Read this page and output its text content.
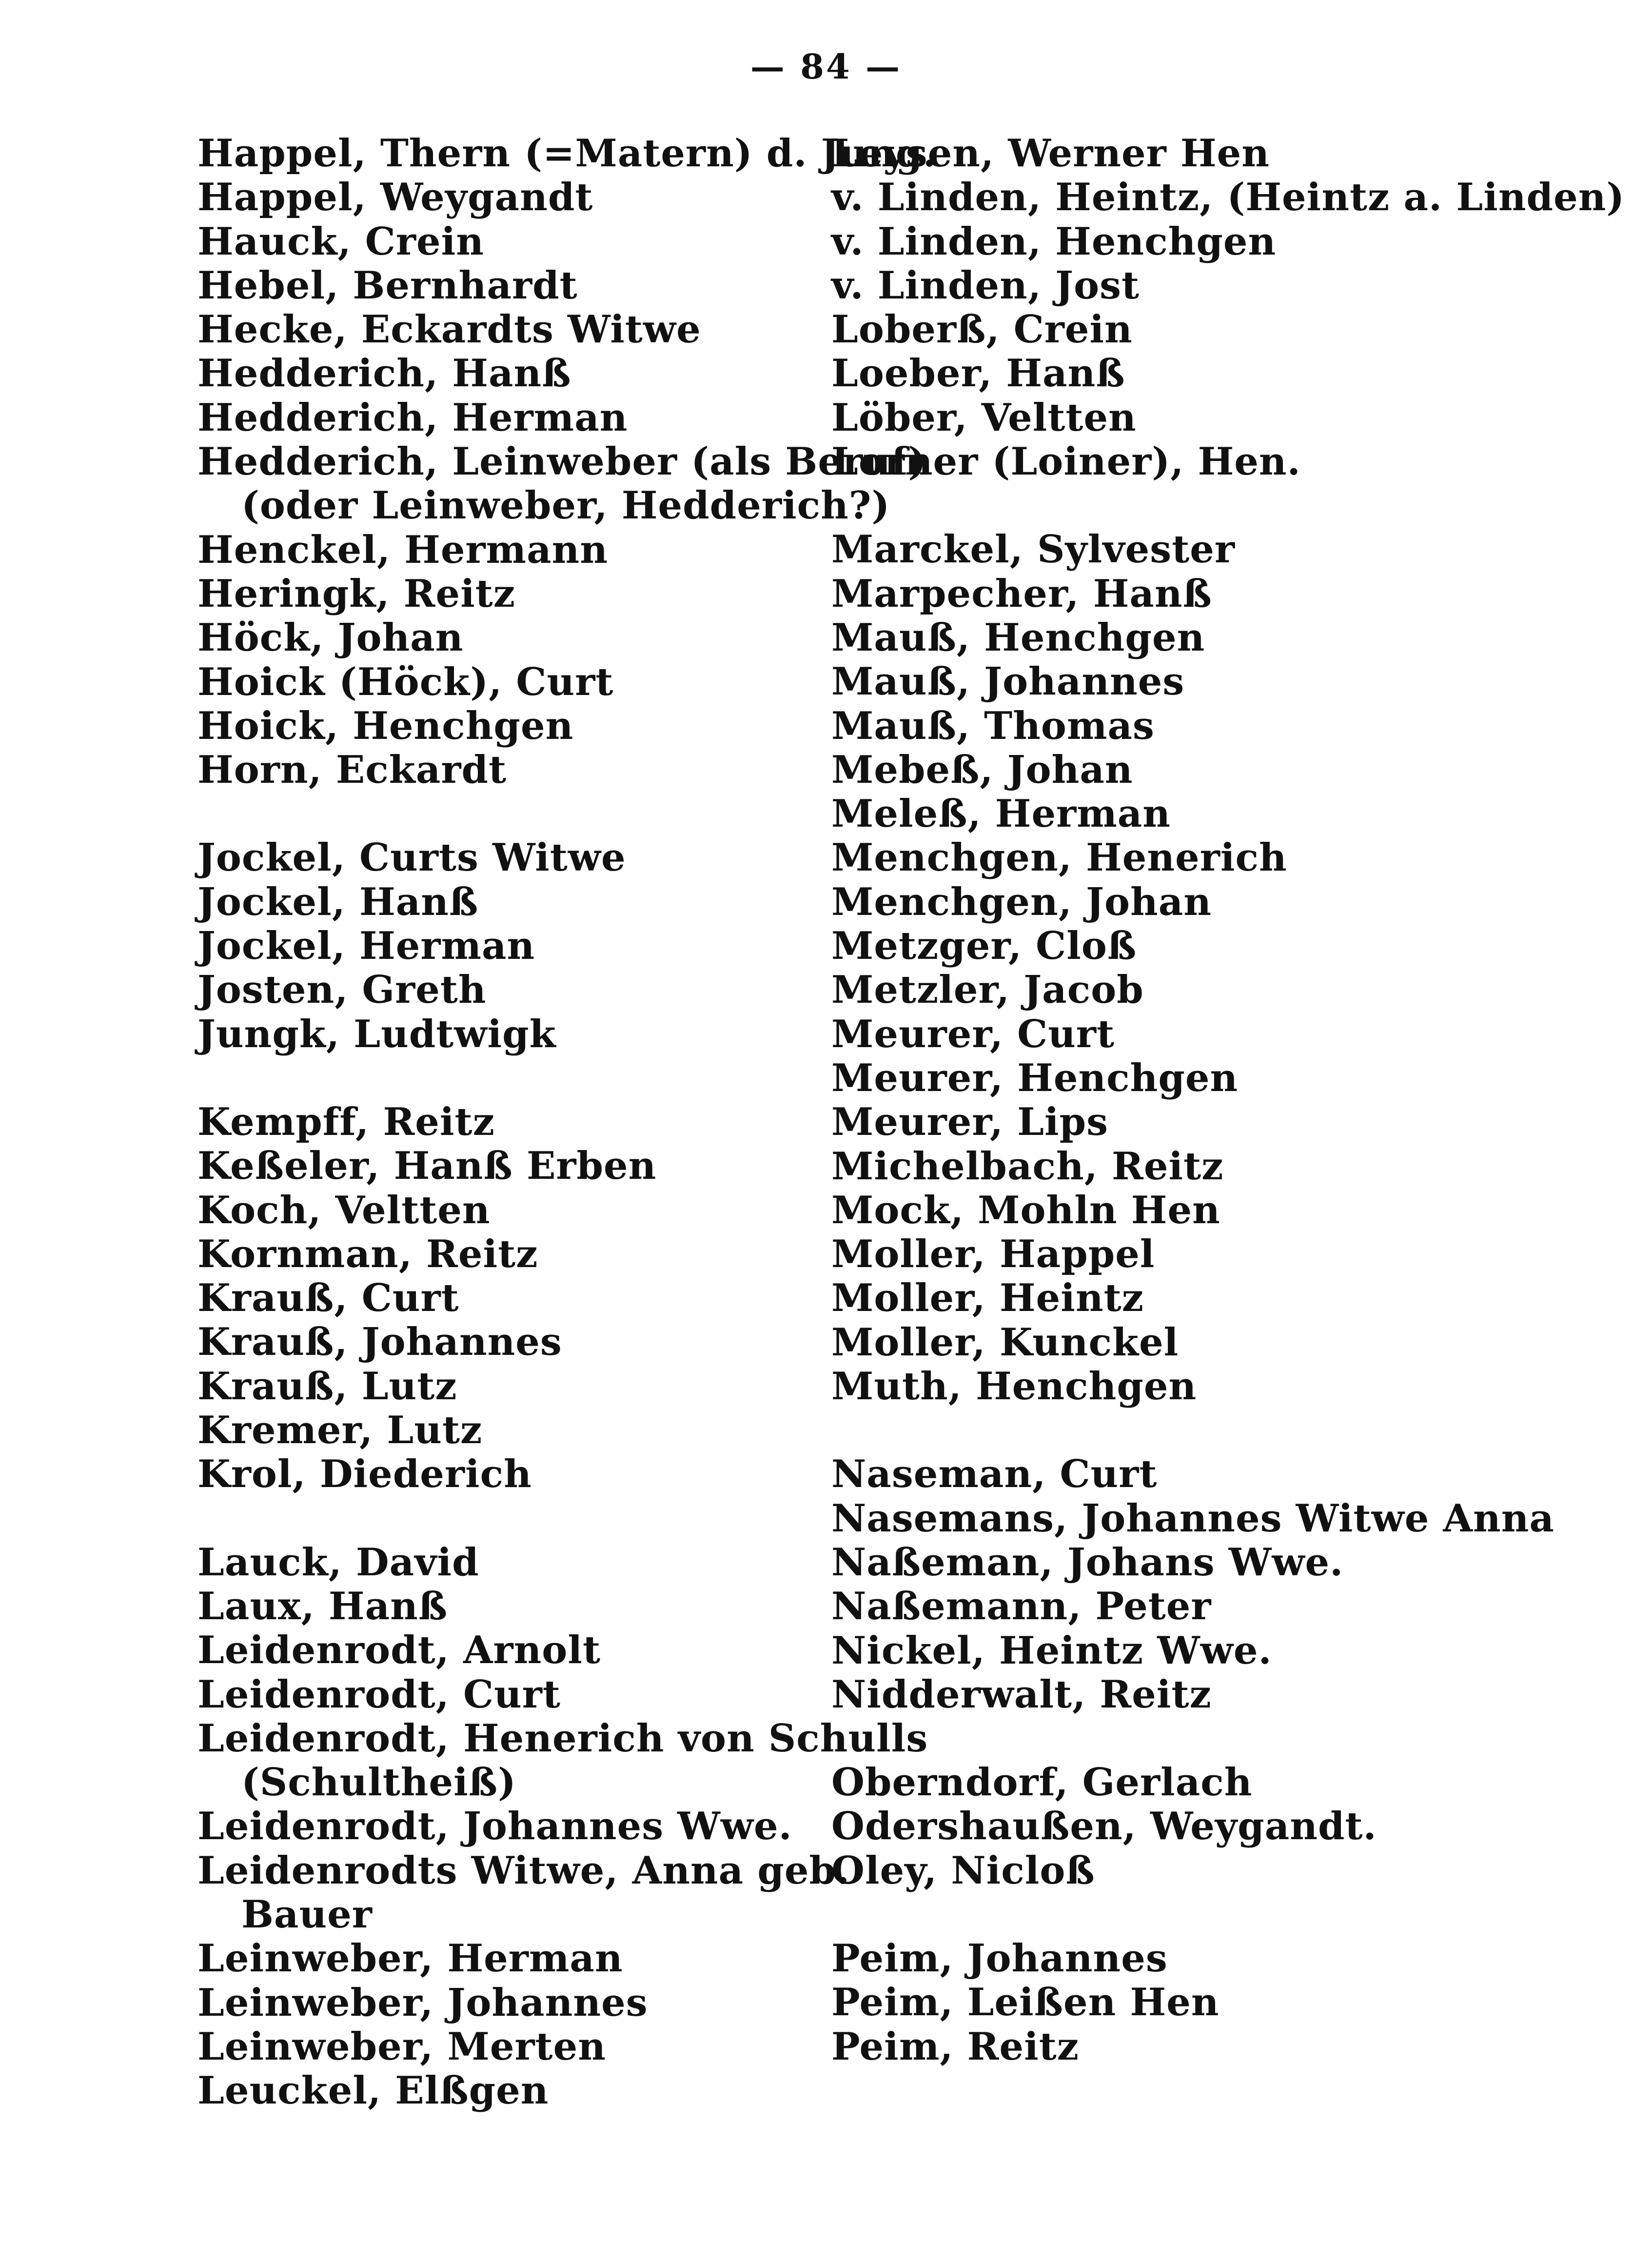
— 84 —
Happel, Thern (=Matern) d. Jung.
Happel, Weygandt
Hauck, Crein
Hebel, Bernhardt
Hecke, Eckardts Witwe
Hedderich, Hanß
Hedderich, Herman
Hedderich, Leinweber (als Beruf)
(oder Leinweber, Hedderich?)
Henckel, Hermann
Heringk, Reitz
Höck, Johan
Hoick (Höck), Curt
Hoick, Henchgen
Horn, Eckardt
Jockel, Curts Witwe
Jockel, Hanß
Jockel, Herman
Josten, Greth
Jungk, Ludtwigk
Kempff, Reitz
Keßeler, Hanß Erben
Koch, Veltten
Kornman, Reitz
Krauß, Curt
Krauß, Johannes
Krauß, Lutz
Kremer, Lutz
Krol, Diederich
Lauck, David
Laux, Hanß
Leidenrodt, Arnolt
Leidenrodt, Curt
Leidenrodt, Henerich von Schulls
(Schultheiß)
Leidenrodt, Johannes Wwe.
Leidenrodts Witwe, Anna geb.
Bauer
Leinweber, Herman
Leinweber, Johannes
Leinweber, Merten
Leuckel, Elßgen
Leysen, Werner Hen
v. Linden, Heintz, (Heintz a. Linden)
v. Linden, Henchgen
v. Linden, Jost
Loberß, Crein
Loeber, Hanß
Löber, Veltten
Lorner (Loiner), Hen.
Marckel, Sylvester
Marpecher, Hanß
Mauß, Henchgen
Mauß, Johannes
Mauß, Thomas
Mebeß, Johan
Meleß, Herman
Menchgen, Henerich
Menchgen, Johan
Metzger, Cloß
Metzler, Jacob
Meurer, Curt
Meurer, Henchgen
Meurer, Lips
Michelbach, Reitz
Mock, Mohln Hen
Moller, Happel
Moller, Heintz
Moller, Kunckel
Muth, Henchgen
Naseman, Curt
Nasemans, Johannes Witwe Anna
Naßeman, Johans Wwe.
Naßemann, Peter
Nickel, Heintz Wwe.
Nidderwalt, Reitz
Oberndorf, Gerlach
Odershaußen, Weygandt.
Oley, Nicloß
Peim, Johannes
Peim, Leißen Hen
Peim, Reitz
